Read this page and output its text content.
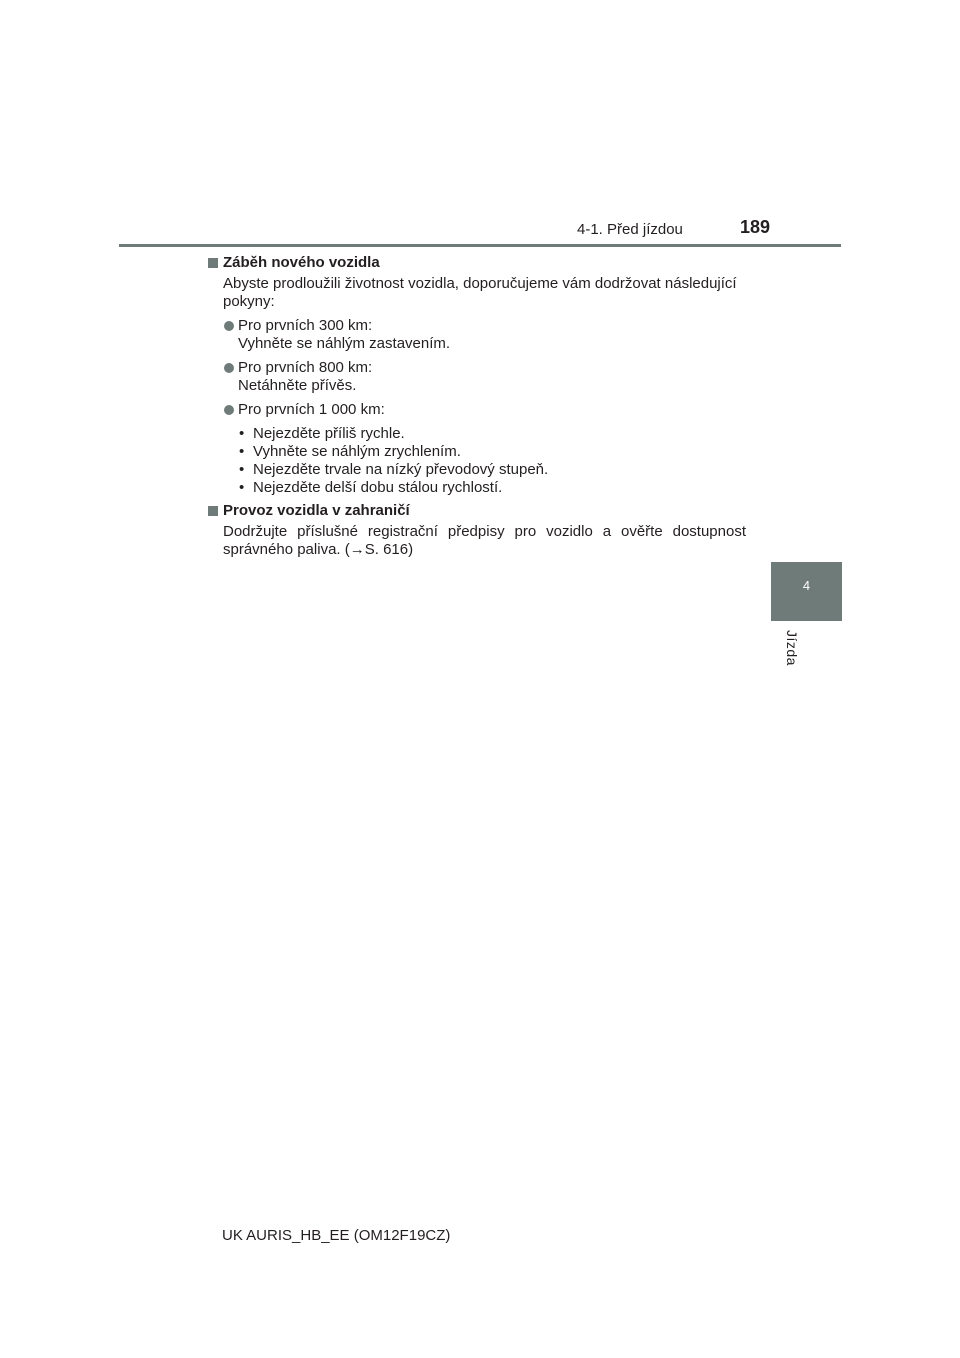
4-1. Před jízdou	189
4
Jízda
Záběh nového vozidla
Abyste prodloužili životnost vozidla, doporučujeme vám dodržovat následující pokyny:
Pro prvních 300 km:
Vyhněte se náhlým zastavením.
Pro prvních 800 km:
Netáhněte přívěs.
Pro prvních 1 000 km:
• Nejezděte příliš rychle.
• Vyhněte se náhlým zrychlením.
• Nejezděte trvale na nízký převodový stupeň.
• Nejezděte delší dobu stálou rychlostí.
Provoz vozidla v zahraničí
Dodržujte příslušné registrační předpisy pro vozidlo a ověřte dostupnost správného paliva. (→S. 616)
UK AURIS_HB_EE (OM12F19CZ)
